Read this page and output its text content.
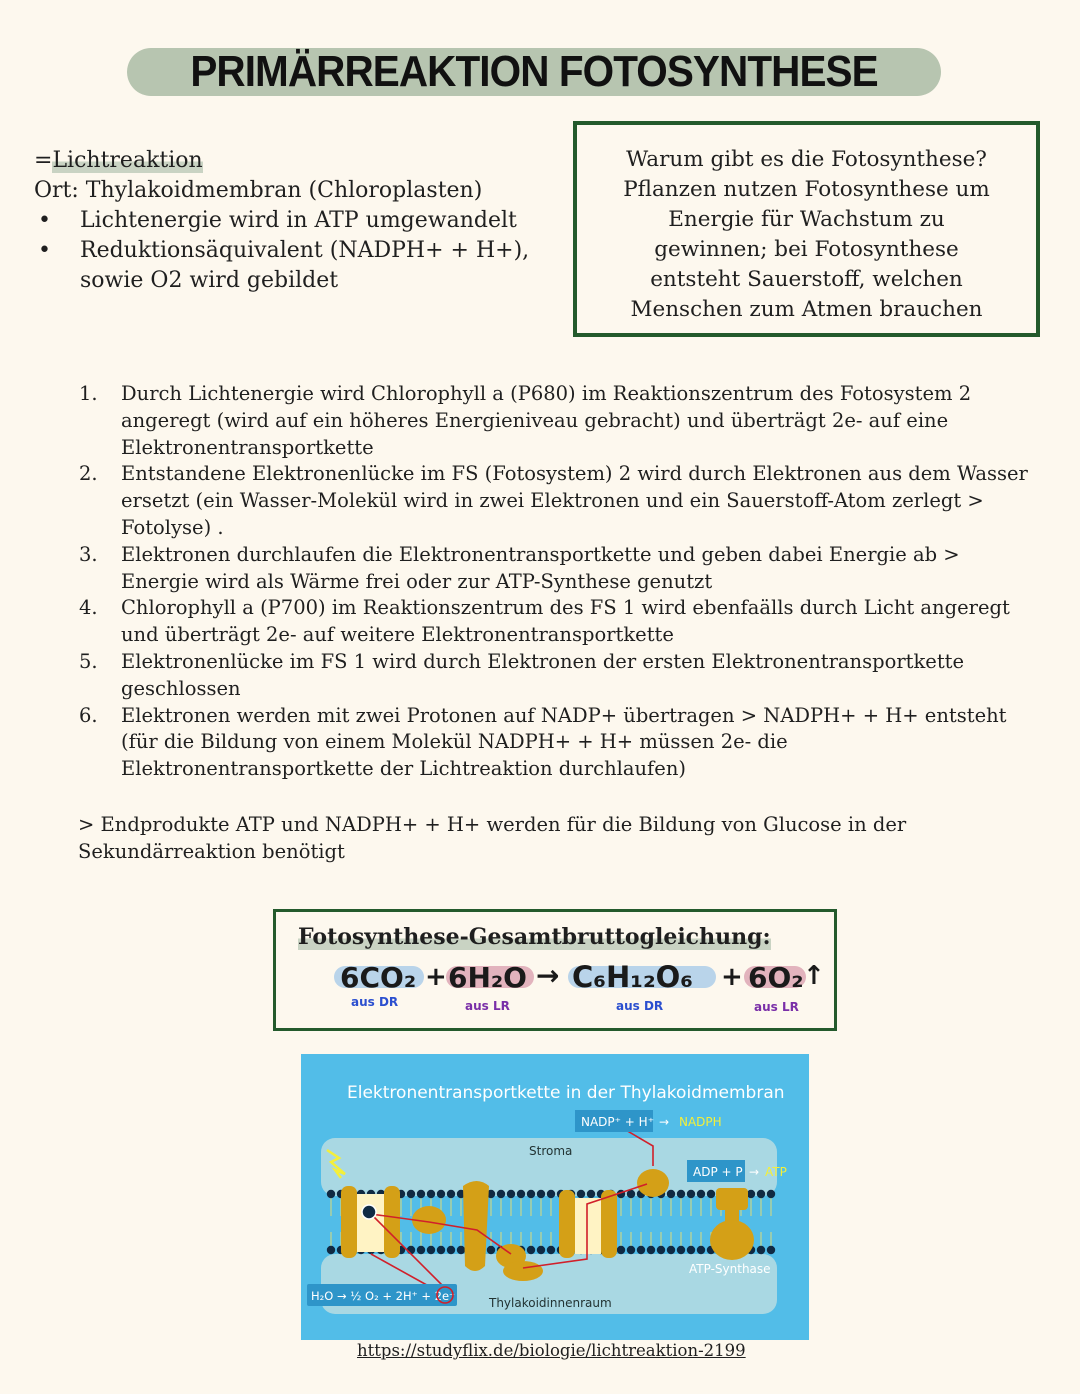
PRIMÄRREAKTION FOTOSYNTHESE
=Lichtreaktion
Ort: Thylakoidmembran (Chloroplasten)
• Lichtenergie wird in ATP umgewandelt
• Reduktionsäquivalent (NADPH+ + H+), sowie O2 wird gebildet
Warum gibt es die Fotosynthese?
Pflanzen nutzen Fotosynthese um
Energie für Wachstum zu
gewinnen; bei Fotosynthese
entsteht Sauerstoff, welchen
Menschen zum Atmen brauchen
1. Durch Lichtenergie wird Chlorophyll a (P680) im Reaktionszentrum des Fotosystem 2 angeregt (wird auf ein höheres Energieniveau gebracht) und überträgt 2e- auf eine Elektronentransportkette
2. Entstandene Elektronenlücke im FS (Fotosystem) 2 wird durch Elektronen aus dem Wasser ersetzt (ein Wasser-Molekül wird in zwei Elektronen und ein Sauerstoff-Atom zerlegt > Fotolyse) .
3. Elektronen durchlaufen die Elektronentransportkette und geben dabei Energie ab > Energie wird als Wärme frei oder zur ATP-Synthese genutzt
4. Chlorophyll a (P700) im Reaktionszentrum des FS 1 wird ebenfaälls durch Licht angeregt und überträgt 2e- auf weitere Elektronentransportkette
5. Elektronenlücke im FS 1 wird durch Elektronen der ersten Elektronentransportkette geschlossen
6. Elektronen werden mit zwei Protonen auf NADP+ übertragen > NADPH+ + H+ entsteht (für die Bildung von einem Molekül NADPH+ + H+ müssen 2e- die Elektronentransportkette der Lichtreaktion durchlaufen)
> Endprodukte ATP und NADPH+ + H+ werden für die Bildung von Glucose in der Sekundärreaktion benötigt
6CO₂ + 6H₂O → C₆H₁₂O₆ + 6O₂ ↑
aus DR	aus LR	aus DR	aus LR
Fotosynthese-Gesamtbruttogleichung:
Elektronentransportkette in der Thylakoidmembran
NADP⁺ + H⁺ → NADPH
Stroma
ADP + P → ATP
ATP-Synthase
H₂O → ½ O₂ + 2H⁺ + 2e⁻	Thylakoidinnenraum
https://studyflix.de/biologie/lichtreaktion-2199
